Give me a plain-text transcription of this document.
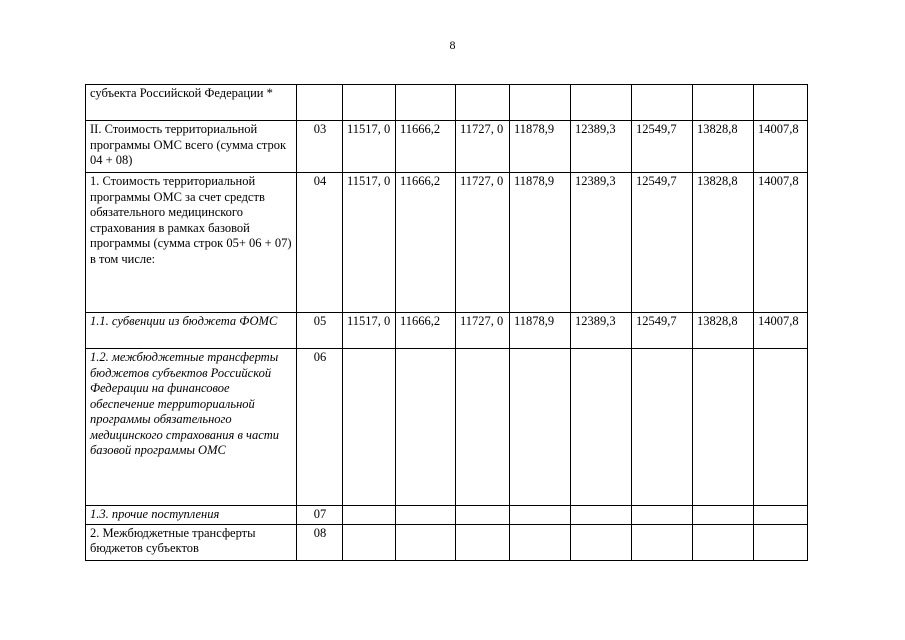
8
субъекта Российской Федерации *									
II. Стоимость территориальной программы ОМС всего (сумма строк 04 + 08)	03	11517, 0	11666,2	11727, 0	11878,9	12389,3	12549,7	13828,8	14007,8
1. Стоимость территориальной программы ОМС за счет средств обязательного медицинского страхования в рамках базовой программы (сумма строк 05+ 06 + 07)
в том числе:	04	11517, 0	11666,2	11727, 0	11878,9	12389,3	12549,7	13828,8	14007,8
1.1. субвенции из бюджета ФОМС	05	11517, 0	11666,2	11727, 0	11878,9	12389,3	12549,7	13828,8	14007,8
1.2. межбюджетные трансферты бюджетов субъектов Российской Федерации на финансовое обеспечение территориальной программы обязательного медицинского страхования в части базовой программы ОМС	06								
1.3. прочие поступления	07								
2. Межбюджетные трансферты бюджетов субъектов	08								
